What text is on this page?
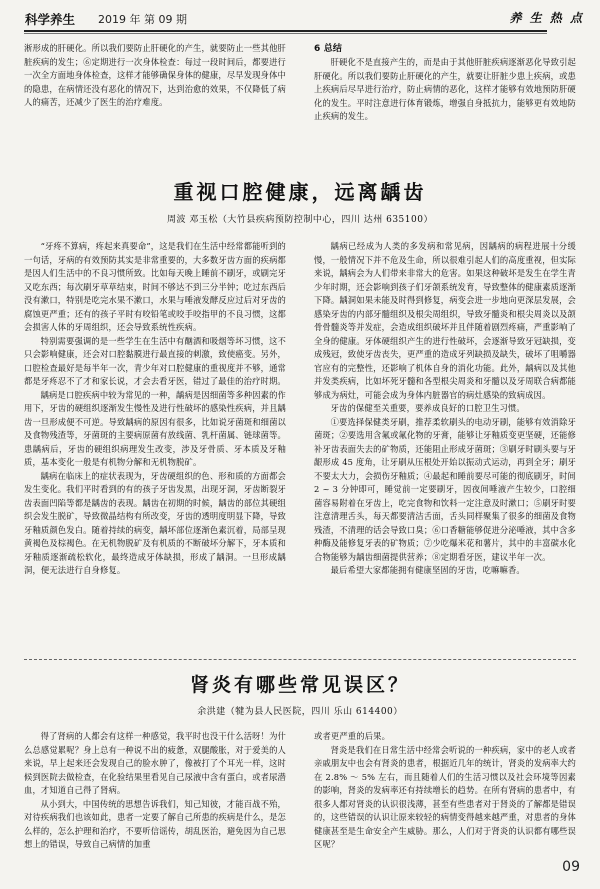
科学养生 2019 年 第 09 期	养 生 热 点

淅形成的肝硬化。所以我们要防止肝硬化的产生，就要防止一些其他肝脏疾病的发生；⑥定期进行一次身体检查：每过一段时间后，都要进行一次全方面地身体检查，这样才能够确保身体的健康，尽早发现身体中的隐患，在病情还没有恶化的情况下，达到治愈的效果，不仅降低了病人的痛苦，还减少了医生的治疗难度。

6 总结

肝硬化不是直接产生的，而是由于其他肝脏疾病逐渐恶化导致引起肝硬化。所以我们要防止肝硬化的产生，就要让肝脏少患上疾病，或患上疾病后尽早进行治疗，防止病情的恶化，这样才能够有效地预防肝硬化的发生。平时注意进行体育锻炼，增强自身抵抗力，能够更有效地防止疾病的发生。

重视口腔健康，远离龋齿
周波 邓玉松（大竹县疾病预防控制中心，四川 达州 635100）

“牙疼不算病，疼起来真要命”，这是我们在生活中经常都能听到的一句话，牙病的有效预防其实是非常重要的，大多数牙齿方面的疾病都是因人们生活中的不良习惯所致。比如每天晚上睡前不刷牙，或刷完牙又吃东西；每次刷牙草草结束，时间不够达不到三分半钟；吃过东西后没有漱口，特别是吃完水果不漱口，水果与唾液发酵反应过后对牙齿的腐蚀更严重；还有的孩子平时有咬铅笔或咬手咬指甲的不良习惯，这都会损害人体的牙周组织，还会导致系统性疾病。

特别需要强调的是一些学生在生活中有酗酒和吸烟等坏习惯，这不只会影响健康，还会对口腔黏膜进行最直接的刺激，致使癌变。另外，口腔检查最好是每半年一次，青少年对口腔健康的重视度并不够，通常都是牙疼忍不了才和家长说，才会去看牙医，错过了最佳的治疗时期。

龋病是口腔疾病中较为常见的一种，龋病是因细菌等多种因素的作用下，牙齿的硬组织逐渐发生慢性及进行性破坏的感染性疾病，并且龋齿一旦形成便不可逆。导致龋病的原因有很多，比如说牙菌斑和细菌以及食物残渣等，牙菌斑的主要病原菌有放线菌、乳杆菌属、链球菌等。患龋病后，牙齿的硬组织病理发生改变，涉及牙骨质、牙本质及牙釉质，基本变化一般是有机物分解和无机物脱矿。

龋病在临床上的症状表现为，牙齿硬组织的色、形和质的方面都会发生变化。我们平时看到的有的孩子牙齿发黑，出现牙洞，牙齿断裂牙齿表面凹陷等都是龋齿的表现。龋齿在初期的时候，龋齿的部位其硬组织会发生脱矿，导致微晶结构有所改变，牙齿的透明度明显下降，导致牙釉质颜色发白。随着持续的病变，龋坏部位逐渐色素沉着，局部呈现黄褐色及棕褐色。在无机物脱矿及有机质的不断破坏分解下，牙本质和牙釉质逐渐疏松软化，最终造成牙体缺损，形成了龋洞。一旦形成龋洞，便无法进行自身修复。

龋病已经成为人类的多发病和常见病，因龋病的病程进展十分缓慢，一般情况下并不危及生命，所以很难引起人们的高度重视，但实际来说，龋病会为人们带来非常大的危害。如果这种破坏是发生在学生青少年时期，还会影响到孩子们牙颌系统发育，导致整体的健康素质逐渐下降。龋洞如果未能及时得到修复，病变会进一步地向更深层发展，会感染牙齿的内部牙髓组织及根尖周组织，导致牙髓炎和根尖周炎以及颌骨骨髓炎等并发症，会造成组织破坏并且伴随着剧烈疼痛，严重影响了全身的健康。牙体硬组织产生的进行性破坏，会逐渐导致牙冠缺损，变成残冠，致使牙齿丧失，更严重的造成牙列缺损及缺失，破坏了咀嚼器官应有的完整性，还影响了机体自身的消化功能。此外，龋病以及其他并发类疾病，比如坏死牙髓和各型根尖周炎和牙髓以及牙周联合病都能够成为病灶，可能会成为身体内脏器官的病灶感染的致病成因。

牙齿的保健至关重要，要养成良好的口腔卫生习惯。

①要选择保健类牙刷，推荐柔软刷头的电动牙刷，能够有效消除牙菌斑；②要选用含氟或氟化物的牙膏，能够让牙釉质变更坚硬，还能修补牙齿表面失去的矿物质，还能阻止形成牙菌斑；③刷牙时刷头要与牙龈形成 45 度角，让牙刷从压根处开始以振动式运动，再到全牙；刷牙不要太大力，会损伤牙釉质；④最起和睡前要尽可能的彻底刷牙，时间 2 ~ 3 分钟即可，睡觉前一定要刷牙，因夜间唾液产生较少，口腔细菌容易附着在牙齿上，吃完食物和饮料一定注意及时漱口；⑤刷牙时要注意清理舌头，每天都要清洁舌面，舌头同样聚集了很多的细菌及食物残渣，不清理的话会导致口臭；⑥口香糖能够促进分泌唾液，其中含多种酶及能修复牙表的矿物质；⑦少吃爆米花和薯片，其中的丰富碳水化合物能够为龋齿细菌提供营养；⑧定期看牙医，建议半年一次。

最后希望大家都能拥有健康坚固的牙齿，吃嘛嘛香。

肾炎有哪些常见误区？
余洪建（犍为县人民医院，四川 乐山 614400）

得了肾病的人都会有这样一种感觉，我平时也没干什么活呀！为什么总感觉累呢？身上总有一种说不出的疲惫，双腿酸胀，对于爱美的人来说，早上起来还会发现自己的脸水肿了，像被打了个耳光一样，这时候到医院去做检查，在化验结果里看见自己尿液中含有蛋白，或者尿潜血，才知道自己得了肾病。

从小到大，中国传统的思想告诉我们，知己知彼，才能百战不殆，对待疾病我们也该如此，患者一定要了解自己所患的疾病是什么，是怎么样的，怎么护理和治疗，不要听信谣传，胡乱医治，避免因为自己思想上的错误，导致自己病情的加重

或者更严重的后果。

肾炎是我们在日常生活中经常会听说的一种疾病，家中的老人或者亲戚朋友中也会有肾炎的患者，根据近几年的统计，肾炎的发病率大约在 2.8% ～ 5% 左右，而且随着人们的生活习惯以及社会环境等因素的影响，肾炎的发病率还有持续增长的趋势。在所有肾病的患者中，有很多人都对肾炎的认识很浅薄，甚至有些患者对于肾炎的了解都是错误的，这些错误的认识让原来较轻的病情变得越来越严重，对患者的身体健康甚至是生命安全产生威胁。那么，人们对于肾炎的认识都有哪些误区呢？

09
